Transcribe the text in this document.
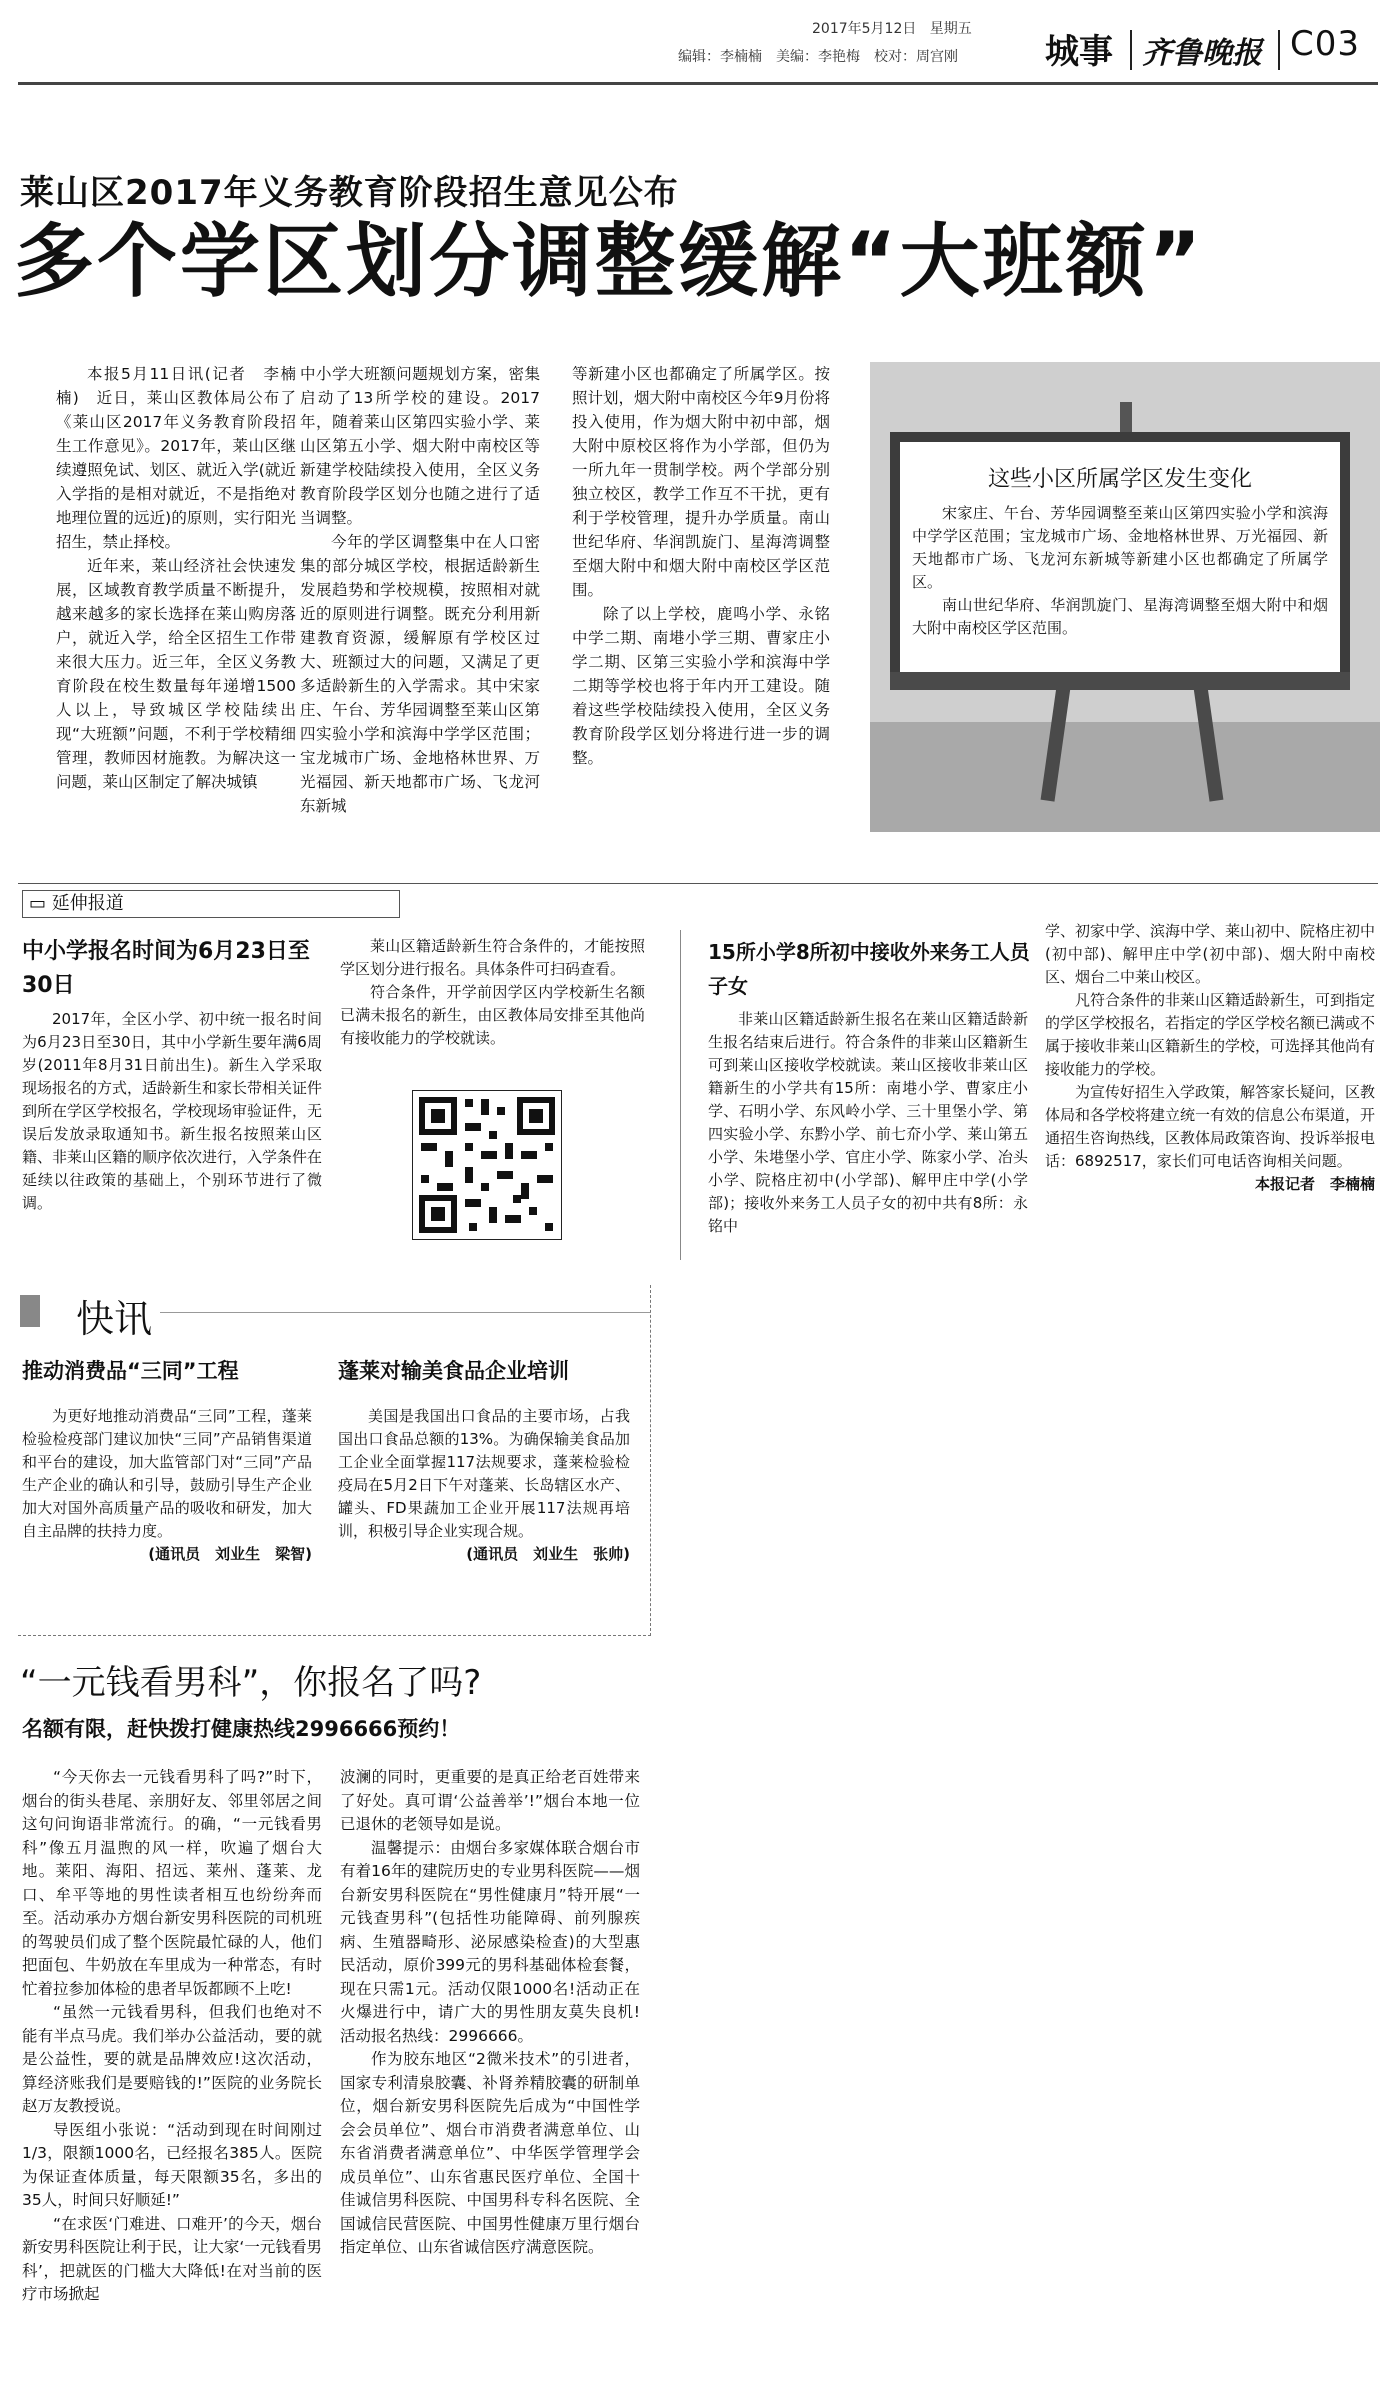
2017年5月12日 星期五
编辑：李楠楠　美编：李艳梅　校对：周宫刚	城事 齐鲁晚报 C03
莱山区2017年义务教育阶段招生意见公布
多个学区划分调整缓解“大班额”

本报5月11日讯(记者　李楠楠)　近日，莱山区教体局公布了《莱山区2017年义务教育阶段招生工作意见》。2017年，莱山区继续遵照免试、划区、就近入学(就近入学指的是相对就近，不是指绝对地理位置的远近)的原则，实行阳光招生，禁止择校。

近年来，莱山经济社会快速发展，区域教育教学质量不断提升，越来越多的家长选择在莱山购房落户，就近入学，给全区招生工作带来很大压力。近三年，全区义务教育阶段在校生数量每年递增1500人以上，导致城区学校陆续出现“大班额”问题，不利于学校精细管理，教师因材施教。为解决这一问题，莱山区制定了解决城镇

中小学大班额问题规划方案，密集启动了13所学校的建设。2017年，随着莱山区第四实验小学、莱山区第五小学、烟大附中南校区等新建学校陆续投入使用，全区义务教育阶段学区划分也随之进行了适当调整。

今年的学区调整集中在人口密集的部分城区学校，根据适龄新生发展趋势和学校规模，按照相对就近的原则进行调整。既充分利用新建教育资源，缓解原有学校区过大、班额过大的问题，又满足了更多适龄新生的入学需求。其中宋家庄、午台、芳华园调整至莱山区第四实验小学和滨海中学学区范围；宝龙城市广场、金地格林世界、万光福园、新天地都市广场、飞龙河东新城

等新建小区也都确定了所属学区。按照计划，烟大附中南校区今年9月份将投入使用，作为烟大附中初中部，烟大附中原校区将作为小学部，但仍为一所九年一贯制学校。两个学部分别独立校区，教学工作互不干扰，更有利于学校管理，提升办学质量。南山世纪华府、华润凯旋门、星海湾调整至烟大附中和烟大附中南校区学区范围。

除了以上学校，鹿鸣小学、永铭中学二期、南塂小学三期、曹家庄小学二期、区第三实验小学和滨海中学二期等学校也将于年内开工建设。随着这些学校陆续投入使用，全区义务教育阶段学区划分将进行进一步的调整。

这些小区所属学区发生变化

宋家庄、午台、芳华园调整至莱山区第四实验小学和滨海中学学区范围；宝龙城市广场、金地格林世界、万光福园、新天地都市广场、飞龙河东新城等新建小区也都确定了所属学区。

南山世纪华府、华润凯旋门、星海湾调整至烟大附中和烟大附中南校区学区范围。

▭ 延伸报道
中小学报名时间为6月23日至30日

2017年，全区小学、初中统一报名时间为6月23日至30日，其中小学新生要年满6周岁(2011年8月31日前出生)。新生入学采取现场报名的方式，适龄新生和家长带相关证件到所在学区学校报名，学校现场审验证件，无误后发放录取通知书。新生报名按照莱山区籍、非莱山区籍的顺序依次进行，入学条件在延续以往政策的基础上，个别环节进行了微调。

莱山区籍适龄新生符合条件的，才能按照学区划分进行报名。具体条件可扫码查看。

符合条件，开学前因学区内学校新生名额已满未报名的新生，由区教体局安排至其他尚有接收能力的学校就读。

15所小学8所初中接收外来务工人员子女

非莱山区籍适龄新生报名在莱山区籍适龄新生报名结束后进行。符合条件的非莱山区籍新生可到莱山区接收学校就读。莱山区接收非莱山区籍新生的小学共有15所：南塂小学、曹家庄小学、石明小学、东风岭小学、三十里堡小学、第四实验小学、东黔小学、前七夼小学、莱山第五小学、朱塂堡小学、官庄小学、陈家小学、冶头小学、院格庄初中(小学部)、解甲庄中学(小学部)；接收外来务工人员子女的初中共有8所：永铭中

学、初家中学、滨海中学、莱山初中、院格庄初中(初中部)、解甲庄中学(初中部)、烟大附中南校区、烟台二中莱山校区。

凡符合条件的非莱山区籍适龄新生，可到指定的学区学校报名，若指定的学区学校名额已满或不属于接收非莱山区籍新生的学校，可选择其他尚有接收能力的学校。

为宣传好招生入学政策，解答家长疑问，区教体局和各学校将建立统一有效的信息公布渠道，开通招生咨询热线，区教体局政策咨询、投诉举报电话：6892517，家长们可电话咨询相关问题。

本报记者　李楠楠
快讯
推动消费品“三同”工程

为更好地推动消费品“三同”工程，蓬莱检验检疫部门建议加快“三同”产品销售渠道和平台的建设，加大监管部门对“三同”产品生产企业的确认和引导，鼓励引导生产企业加大对国外高质量产品的吸收和研发，加大自主品牌的扶持力度。

(通讯员　刘业生　梁智)
蓬莱对输美食品企业培训

美国是我国出口食品的主要市场，占我国出口食品总额的13%。为确保输美食品加工企业全面掌握117法规要求，蓬莱检验检疫局在5月2日下午对蓬莱、长岛辖区水产、罐头、FD果蔬加工企业开展117法规再培训，积极引导企业实现合规。

(通讯员　刘业生　张帅)
“一元钱看男科”，你报名了吗?
名额有限，赶快拨打健康热线2996666预约！

“今天你去一元钱看男科了吗?”时下，烟台的街头巷尾、亲朋好友、邻里邻居之间这句问询语非常流行。的确，“一元钱看男科”像五月温煦的风一样，吹遍了烟台大地。莱阳、海阳、招远、莱州、蓬莱、龙口、牟平等地的男性读者相互也纷纷奔而至。活动承办方烟台新安男科医院的司机班的驾驶员们成了整个医院最忙碌的人，他们把面包、牛奶放在车里成为一种常态，有时忙着拉参加体检的患者早饭都顾不上吃!

“虽然一元钱看男科，但我们也绝对不能有半点马虎。我们举办公益活动，要的就是公益性，要的就是品牌效应!这次活动，算经济账我们是要赔钱的!”医院的业务院长赵万友教授说。

导医组小张说：“活动到现在时间刚过1/3，限额1000名，已经报名385人。医院为保证查体质量，每天限额35名，多出的35人，时间只好顺延!”

“在求医‘门难进、口难开’的今天，烟台新安男科医院让利于民，让大家‘一元钱看男科’，把就医的门槛大大降低!在对当前的医疗市场掀起

波澜的同时，更重要的是真正给老百姓带来了好处。真可谓‘公益善举’!”烟台本地一位已退休的老领导如是说。

温馨提示：由烟台多家媒体联合烟台市有着16年的建院历史的专业男科医院——烟台新安男科医院在“男性健康月”特开展“一元钱查男科”(包括性功能障碍、前列腺疾病、生殖器畸形、泌尿感染检查)的大型惠民活动，原价399元的男科基础体检套餐，现在只需1元。活动仅限1000名!活动正在火爆进行中，请广大的男性朋友莫失良机!活动报名热线：2996666。

作为胶东地区“2微米技术”的引进者，国家专利清泉胶囊、补肾养精胶囊的研制单位，烟台新安男科医院先后成为“中国性学会会员单位”、烟台市消费者满意单位、山东省消费者满意单位”、中华医学管理学会成员单位”、山东省惠民医疗单位、全国十佳诚信男科医院、中国男科专科名医院、全国诚信民营医院、中国男性健康万里行烟台指定单位、山东省诚信医疗满意医院。
